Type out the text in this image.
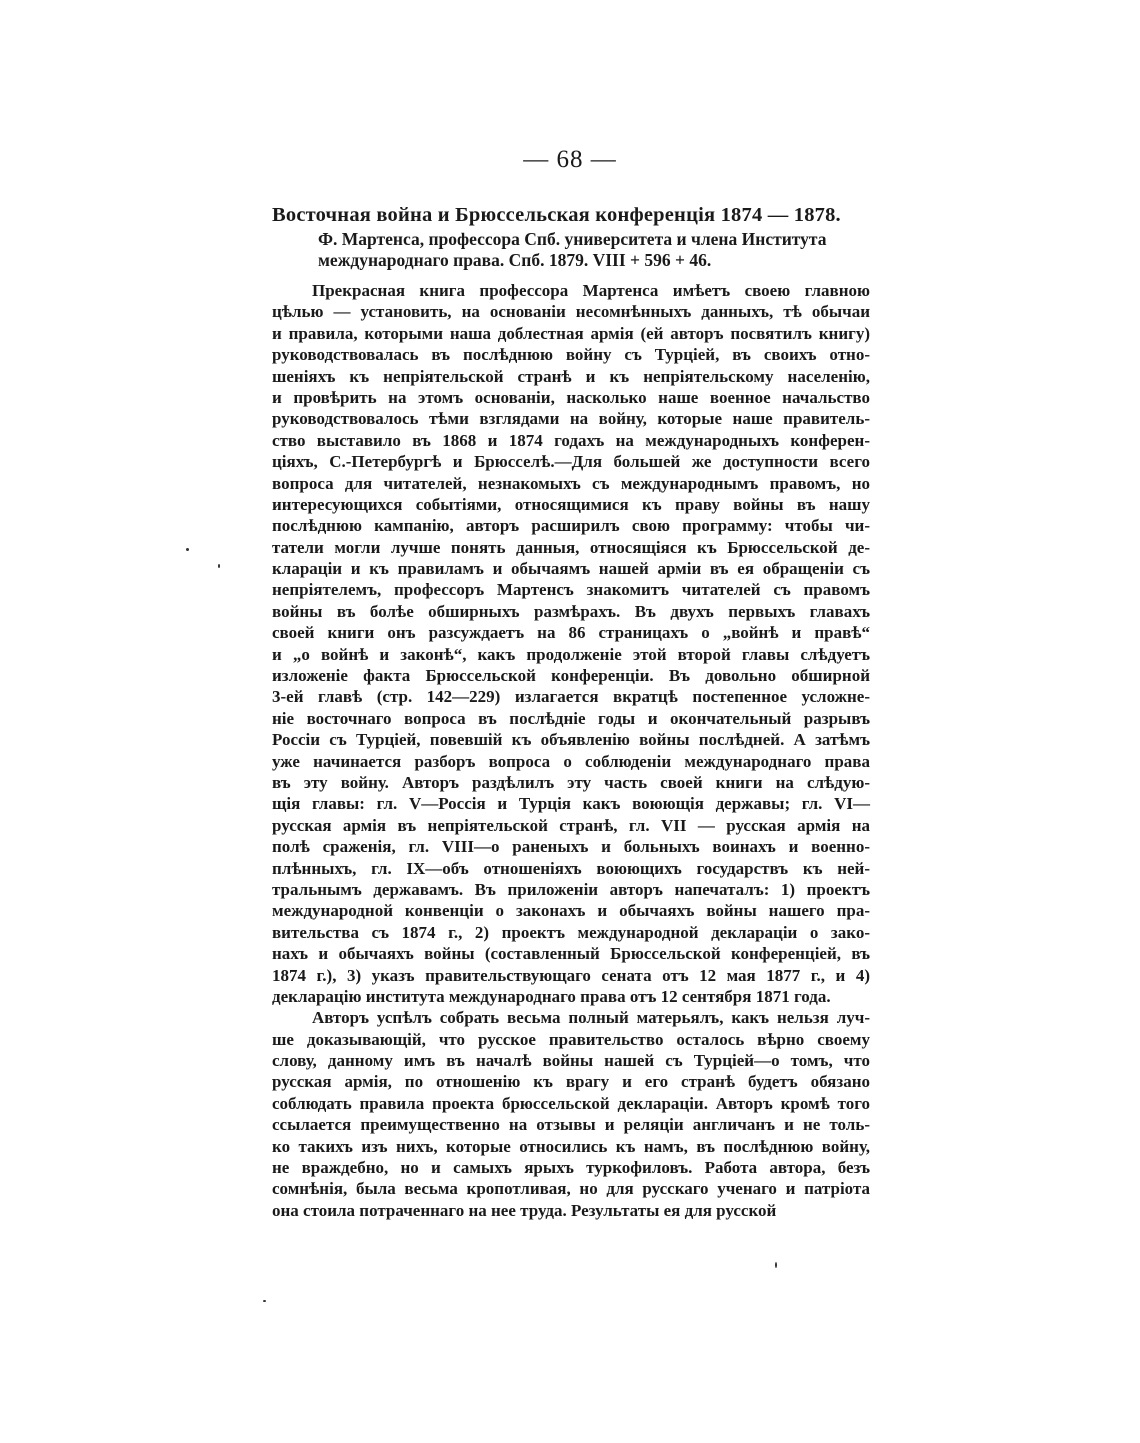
— 68 —
Восточная война и Брюссельская конференція 1874 — 1878.
Ф. Мартенса, профессора Спб. университета и члена Института
международнаго права. Спб. 1879. VIII + 596 + 46.
Прекрасная книга профессора Мартенса имѣетъ своею главною
цѣлью — установить, на основаніи несомнѣнныхъ данныхъ, тѣ обычаи
и правила, которыми наша доблестная армія (ей авторъ посвятилъ книгу)
руководствовалась въ послѣднюю войну съ Турціей, въ своихъ отно-
шеніяхъ къ непріятельской странѣ и къ непріятельскому населенію,
и провѣрить на этомъ основаніи, насколько наше военное начальство
руководствовалось тѣми взглядами на войну, которые наше правитель-
ство выставило въ 1868 и 1874 годахъ на международныхъ конферен-
ціяхъ, С.-Петербургѣ и Брюсселѣ.—Для большей же доступности всего
вопроса для читателей, незнакомыхъ съ международнымъ правомъ, но
интересующихся событіями, относящимися къ праву войны въ нашу
послѣднюю кампанію, авторъ расширилъ свою программу: чтобы чи-
татели могли лучше понять данныя, относящіяся къ Брюссельской де-
клараціи и къ правиламъ и обычаямъ нашей арміи въ ея обращеніи съ
непріятелемъ, профессоръ Мартенсъ знакомитъ читателей съ правомъ
войны въ болѣе обширныхъ размѣрахъ. Въ двухъ первыхъ главахъ
своей книги онъ разсуждаетъ на 86 страницахъ о „войнѣ и правѣ“
и „о войнѣ и законѣ“, какъ продолженіе этой второй главы слѣдуетъ
изложеніе факта Брюссельской конференціи. Въ довольно обширной
3-ей главѣ (стр. 142—229) излагается вкратцѣ постепенное усложне-
ніе восточнаго вопроса въ послѣдніе годы и окончательный разрывъ
Россіи съ Турціей, повевшій къ объявленію войны послѣдней. А затѣмъ
уже начинается разборъ вопроса о соблюденіи международнаго права
въ эту войну. Авторъ раздѣлилъ эту часть своей книги на слѣдую-
щія главы: гл. V—Россія и Турція какъ воюющія державы; гл. VI—
русская армія въ непріятельской странѣ, гл. VII — русская армія на
полѣ сраженія, гл. VIII—о раненыхъ и больныхъ воинахъ и военно-
плѣнныхъ, гл. IX—объ отношеніяхъ воюющихъ государствъ къ ней-
тральнымъ державамъ. Въ приложеніи авторъ напечаталъ: 1) проектъ
международной конвенціи о законахъ и обычаяхъ войны нашего пра-
вительства съ 1874 г., 2) проектъ международной деклараціи о зако-
нахъ и обычаяхъ войны (составленный Брюссельской конференціей, въ
1874 г.), 3) указъ правительствующаго сената отъ 12 мая 1877 г., и 4)
декларацію института международнаго права отъ 12 сентября 1871 года.
Авторъ успѣлъ собрать весьма полный матерьялъ, какъ нельзя луч-
ше доказывающій, что русское правительство осталось вѣрно своему
слову, данному имъ въ началѣ войны нашей съ Турціей—о томъ, что
русская армія, по отношенію къ врагу и его странѣ будетъ обязано
соблюдать правила проекта брюссельской деклараціи. Авторъ кромѣ того
ссылается преимущественно на отзывы и реляціи англичанъ и не толь-
ко такихъ изъ нихъ, которые относились къ намъ, въ послѣднюю войну,
не враждебно, но и самыхъ ярыхъ туркофиловъ. Работа автора, безъ
сомнѣнія, была весьма кропотливая, но для русскаго ученаго и патріота
она стоила потраченнаго на нее труда. Результаты ея для русской
